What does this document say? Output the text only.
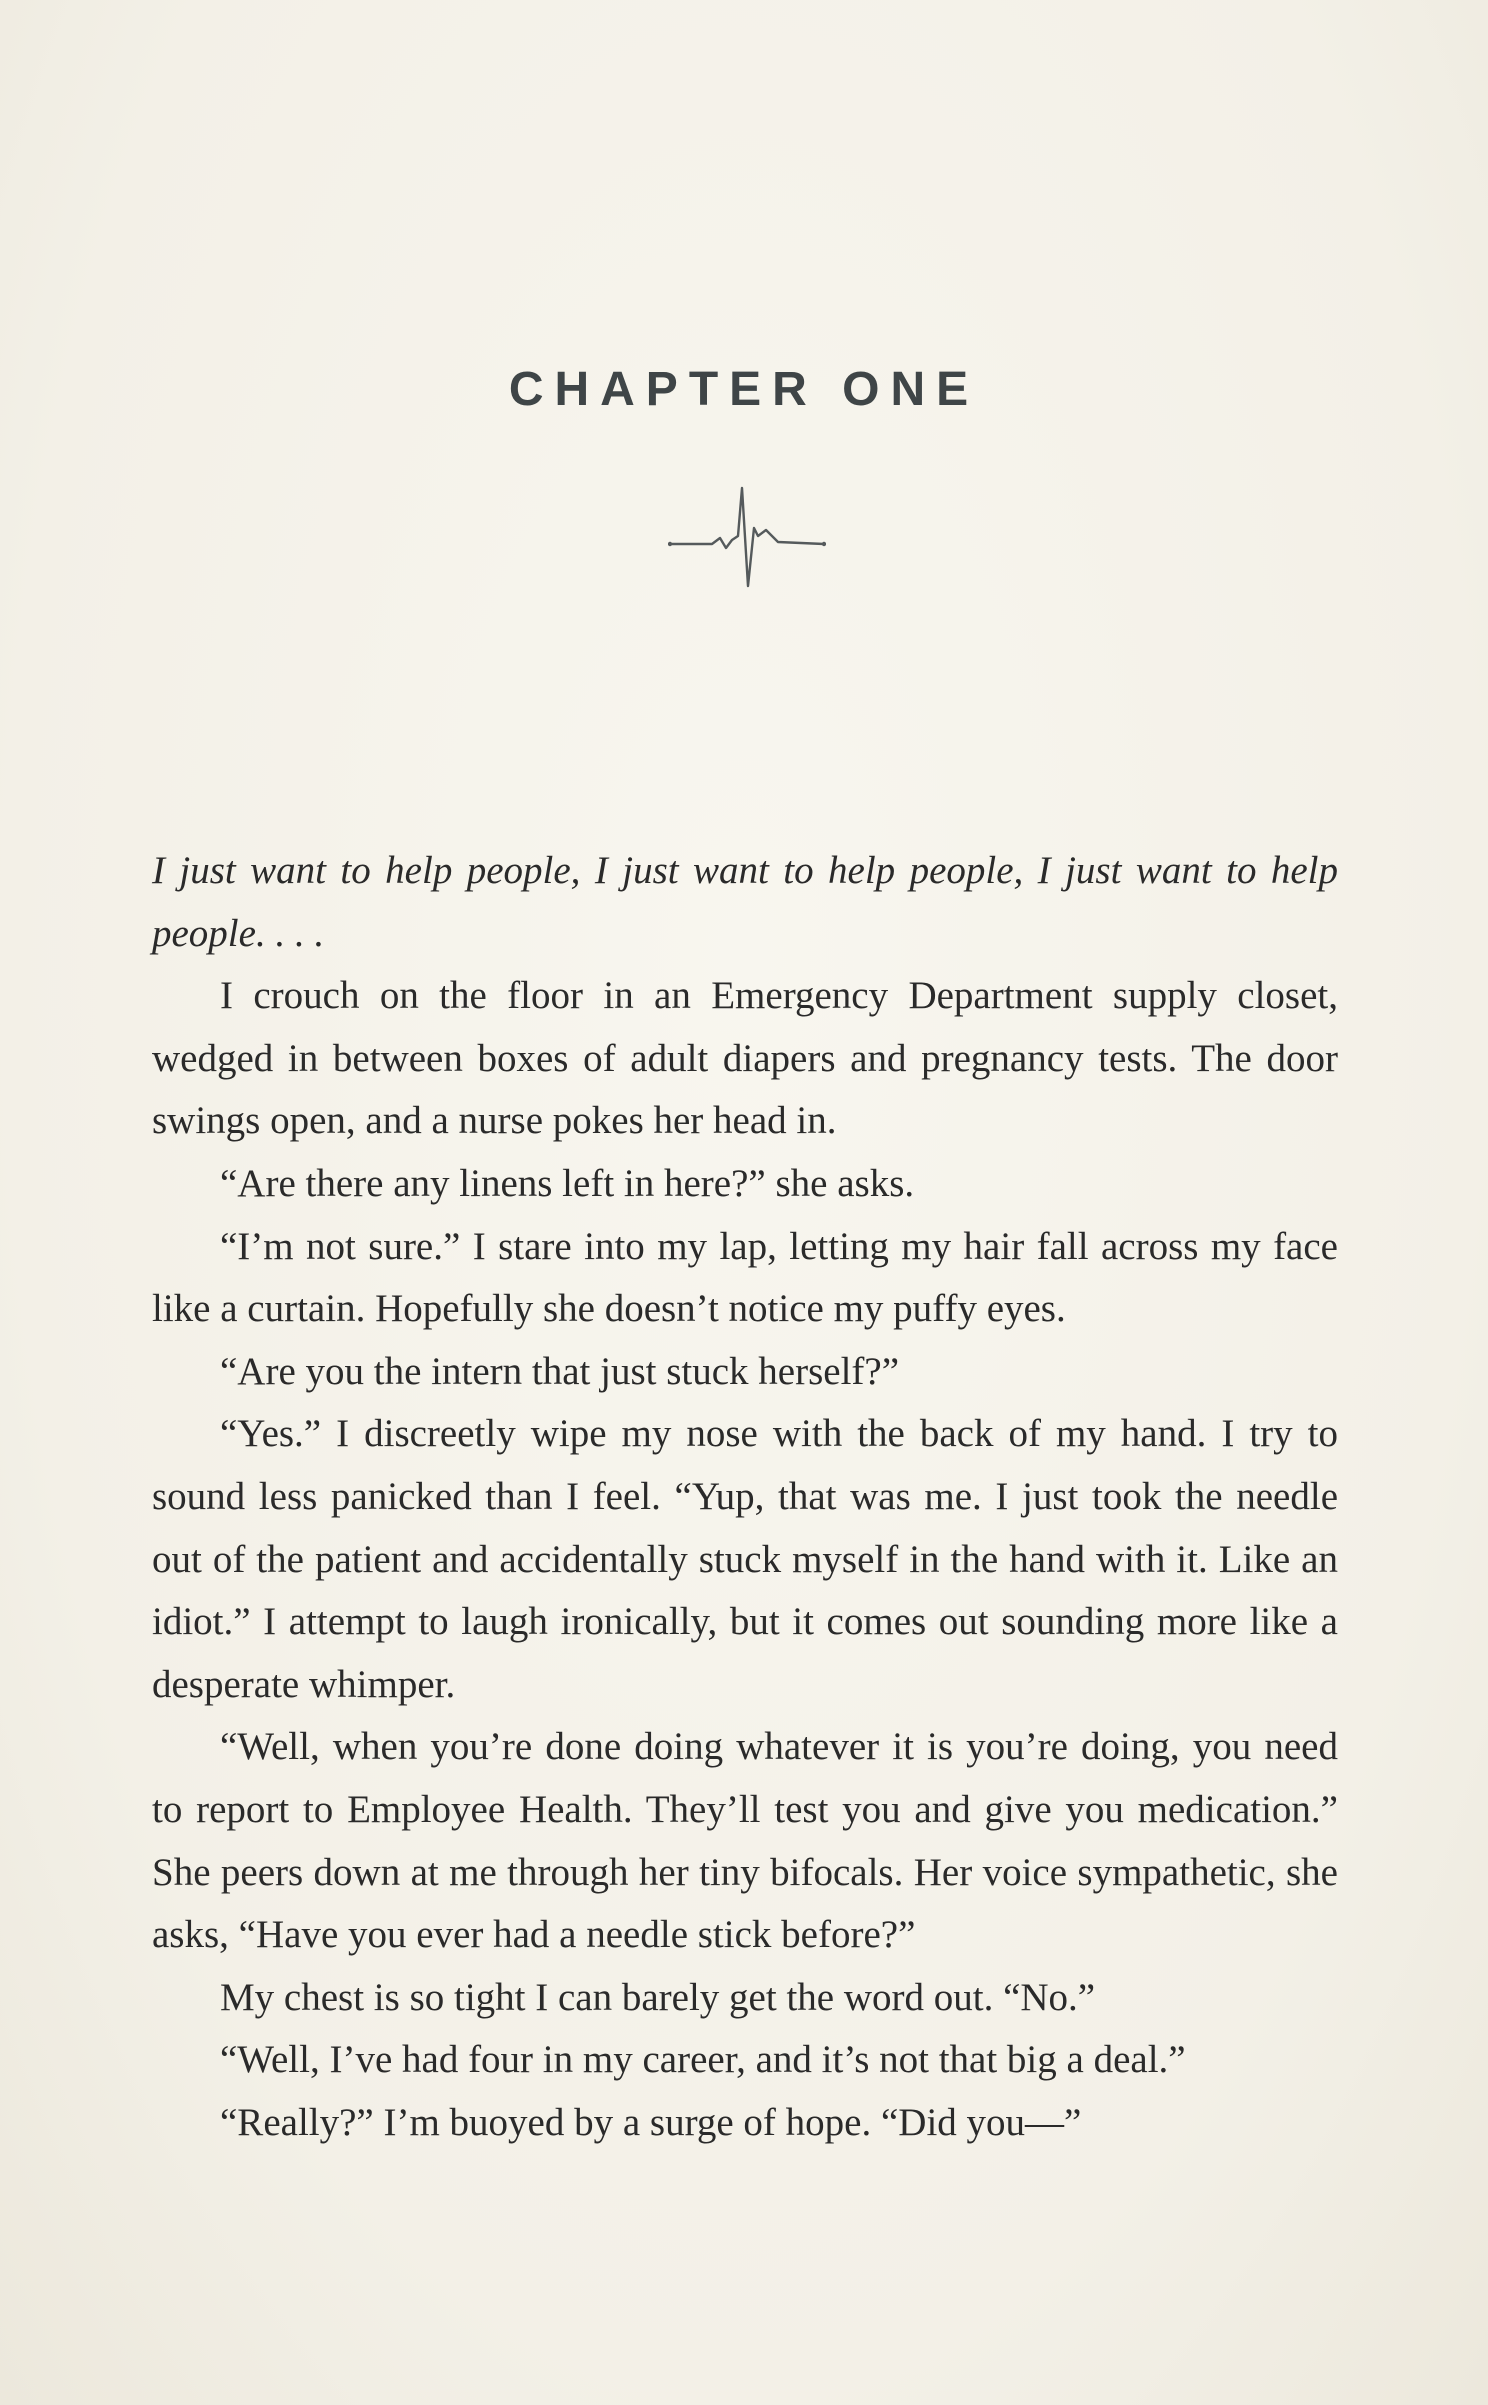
CHAPTER ONE

I just want to help people, I just want to help people, I just want to help people. . . .

I crouch on the floor in an Emergency Department supply closet, wedged in between boxes of adult diapers and pregnancy tests. The door swings open, and a nurse pokes her head in.

“Are there any linens left in here?” she asks.

“I’m not sure.” I stare into my lap, letting my hair fall across my face like a curtain. Hopefully she doesn’t notice my puffy eyes.

“Are you the intern that just stuck herself?”

“Yes.” I discreetly wipe my nose with the back of my hand. I try to sound less panicked than I feel. “Yup, that was me. I just took the needle out of the patient and accidentally stuck myself in the hand with it. Like an idiot.” I attempt to laugh ironically, but it comes out sounding more like a desperate whimper.

“Well, when you’re done doing whatever it is you’re doing, you need to report to Employee Health. They’ll test you and give you medication.” She peers down at me through her tiny bifocals. Her voice sympathetic, she asks, “Have you ever had a needle stick before?”

My chest is so tight I can barely get the word out. “No.”

“Well, I’ve had four in my career, and it’s not that big a deal.”

“Really?” I’m buoyed by a surge of hope. “Did you—”
